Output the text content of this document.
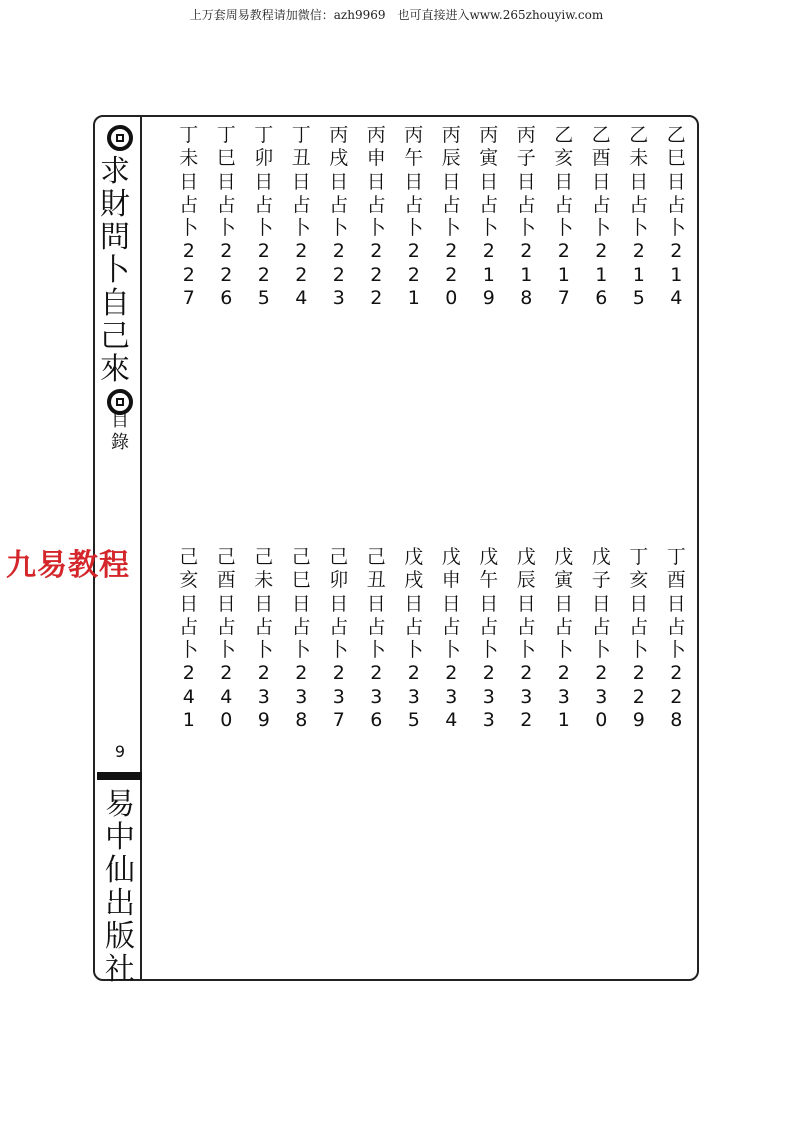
上万套周易教程请加微信：azh9969　也可直接进入www.265zhouyiw.com
求財問卜自己來
目
錄
9
易
中
仙
出
版
社
九易教程
乙
巳
日
占
卜
2
1
4
乙
未
日
占
卜
2
1
5
乙
酉
日
占
卜
2
1
6
乙
亥
日
占
卜
2
1
7
丙
子
日
占
卜
2
1
8
丙
寅
日
占
卜
2
1
9
丙
辰
日
占
卜
2
2
0
丙
午
日
占
卜
2
2
1
丙
申
日
占
卜
2
2
2
丙
戌
日
占
卜
2
2
3
丁
丑
日
占
卜
2
2
4
丁
卯
日
占
卜
2
2
5
丁
巳
日
占
卜
2
2
6
丁
未
日
占
卜
2
2
7
丁
酉
日
占
卜
2
2
8
丁
亥
日
占
卜
2
2
9
戊
子
日
占
卜
2
3
0
戊
寅
日
占
卜
2
3
1
戊
辰
日
占
卜
2
3
2
戊
午
日
占
卜
2
3
3
戊
申
日
占
卜
2
3
4
戊
戌
日
占
卜
2
3
5
己
丑
日
占
卜
2
3
6
己
卯
日
占
卜
2
3
7
己
巳
日
占
卜
2
3
8
己
未
日
占
卜
2
3
9
己
酉
日
占
卜
2
4
0
己
亥
日
占
卜
2
4
1
